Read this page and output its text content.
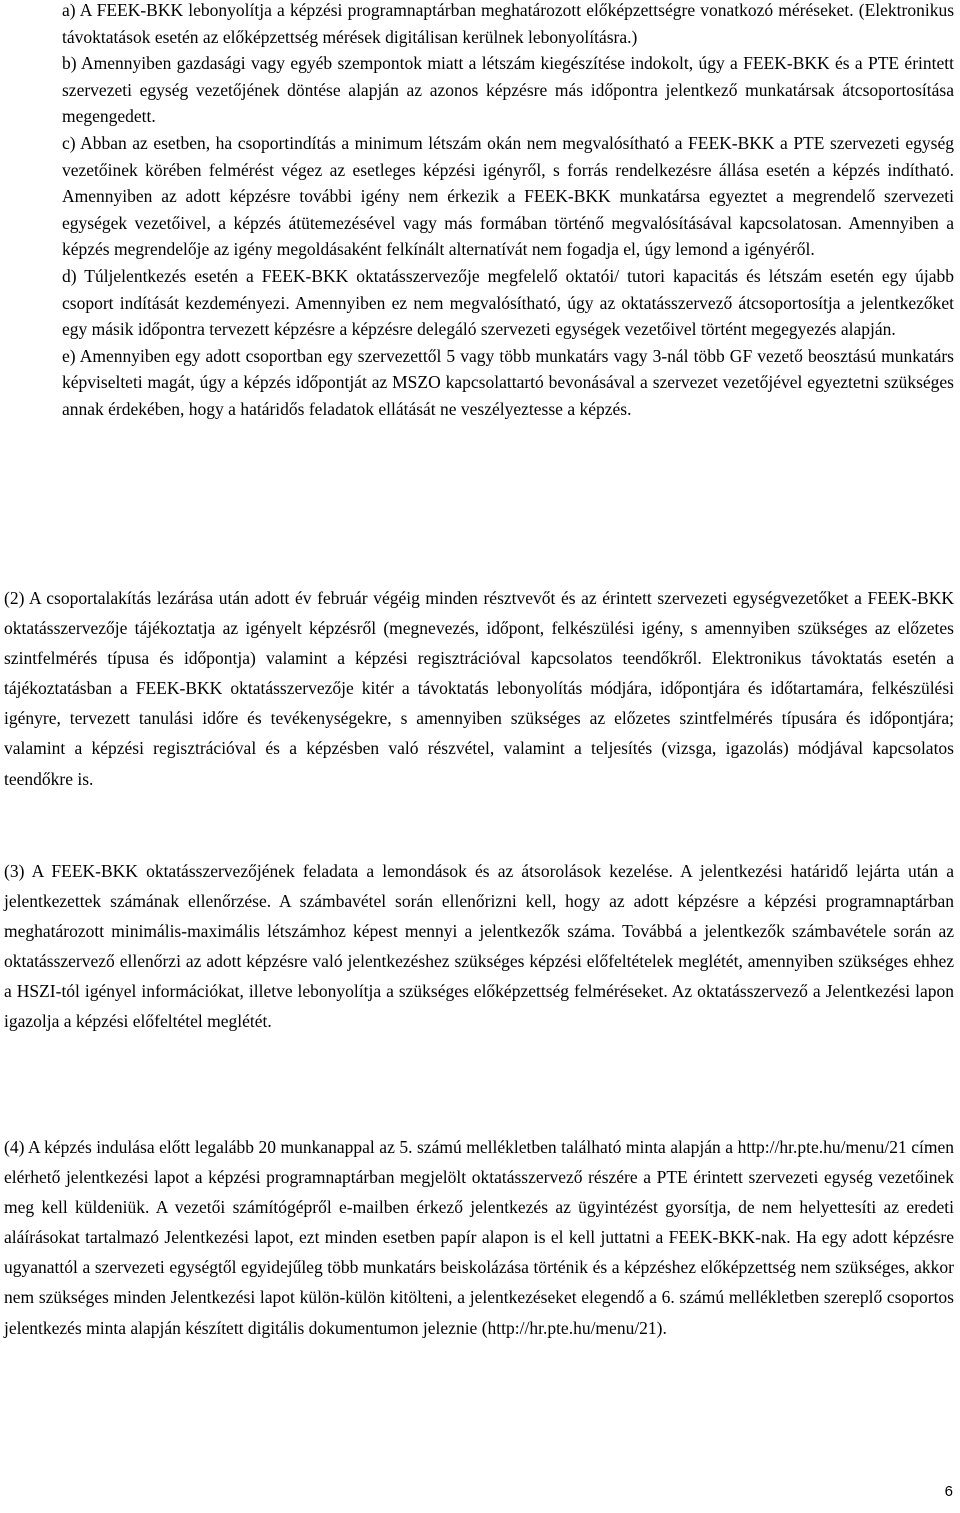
a) A FEEK-BKK lebonyolítja a képzési programnaptárban meghatározott előképzettségre vonatkozó méréseket. (Elektronikus távoktatások esetén az előképzettség mérések digitálisan kerülnek lebonyolításra.)

b) Amennyiben gazdasági vagy egyéb szempontok miatt a létszám kiegészítése indokolt, úgy a FEEK-BKK és a PTE érintett szervezeti egység vezetőjének döntése alapján az azonos képzésre más időpontra jelentkező munkatársak átcsoportosítása megengedett.

c) Abban az esetben, ha csoportindítás a minimum létszám okán nem megvalósítható a FEEK-BKK a PTE szervezeti egység vezetőinek körében felmérést végez az esetleges képzési igényről, s forrás rendelkezésre állása esetén a képzés indítható. Amennyiben az adott képzésre további igény nem érkezik a FEEK-BKK munkatársa egyeztet a megrendelő szervezeti egységek vezetőivel, a képzés átütemezésével vagy más formában történő megvalósításával kapcsolatosan. Amennyiben a képzés megrendelője az igény megoldásaként felkínált alternatívát nem fogadja el, úgy lemond a igényéről.

d) Túljelentkezés esetén a FEEK-BKK oktatásszervezője megfelelő oktatói/ tutori kapacitás és létszám esetén egy újabb csoport indítását kezdeményezi. Amennyiben ez nem megvalósítható, úgy az oktatásszervező átcsoportosítja a jelentkezőket egy másik időpontra tervezett képzésre a képzésre delegáló szervezeti egységek vezetőivel történt megegyezés alapján.

e) Amennyiben egy adott csoportban egy szervezettől 5 vagy több munkatárs vagy 3-nál több GF vezető beosztású munkatárs képviselteti magát, úgy a képzés időpontját az MSZO kapcsolattartó bevonásával a szervezet vezetőjével egyeztetni szükséges annak érdekében, hogy a határidős feladatok ellátását ne veszélyeztesse a képzés.

(2) A csoportalakítás lezárása után adott év február végéig minden résztvevőt és az érintett szervezeti egységvezetőket a FEEK-BKK oktatásszervezője tájékoztatja az igényelt képzésről (megnevezés, időpont, felkészülési igény, s amennyiben szükséges az előzetes szintfelmérés típusa és időpontja) valamint a képzési regisztrációval kapcsolatos teendőkről. Elektronikus távoktatás esetén a tájékoztatásban a FEEK-BKK oktatásszervezője kitér a távoktatás lebonyolítás módjára, időpontjára és időtartamára, felkészülési igényre, tervezett tanulási időre és tevékenységekre, s amennyiben szükséges az előzetes szintfelmérés típusára és időpontjára; valamint a képzési regisztrációval és a képzésben való részvétel, valamint a teljesítés (vizsga, igazolás) módjával kapcsolatos teendőkre is.

(3) A FEEK-BKK oktatásszervezőjének feladata a lemondások és az átsorolások kezelése. A jelentkezési határidő lejárta után a jelentkezettek számának ellenőrzése. A számbavétel során ellenőrizni kell, hogy az adott képzésre a képzési programnaptárban meghatározott minimális-maximális létszámhoz képest mennyi a jelentkezők száma. Továbbá a jelentkezők számbavétele során az oktatásszervező ellenőrzi az adott képzésre való jelentkezéshez szükséges képzési előfeltételek meglétét, amennyiben szükséges ehhez a HSZI-tól igényel információkat, illetve lebonyolítja a szükséges előképzettség felméréseket. Az oktatásszervező a Jelentkezési lapon igazolja a képzési előfeltétel meglétét.

(4) A képzés indulása előtt legalább 20 munkanappal az 5. számú mellékletben található minta alapján a http://hr.pte.hu/menu/21 címen elérhető jelentkezési lapot a képzési programnaptárban megjelölt oktatásszervező részére a PTE érintett szervezeti egység vezetőinek meg kell küldeniük. A vezetői számítógépről e-mailben érkező jelentkezés az ügyintézést gyorsítja, de nem helyettesíti az eredeti aláírásokat tartalmazó Jelentkezési lapot, ezt minden esetben papír alapon is el kell juttatni a FEEK-BKK-nak. Ha egy adott képzésre ugyanattól a szervezeti egységtől egyidejűleg több munkatárs beiskolázása történik és a képzéshez előképzettség nem szükséges, akkor nem szükséges minden Jelentkezési lapot külön-külön kitölteni, a jelentkezéseket elegendő a 6. számú mellékletben szereplő csoportos jelentkezés minta alapján készített digitális dokumentumon jeleznie (http://hr.pte.hu/menu/21).

6
